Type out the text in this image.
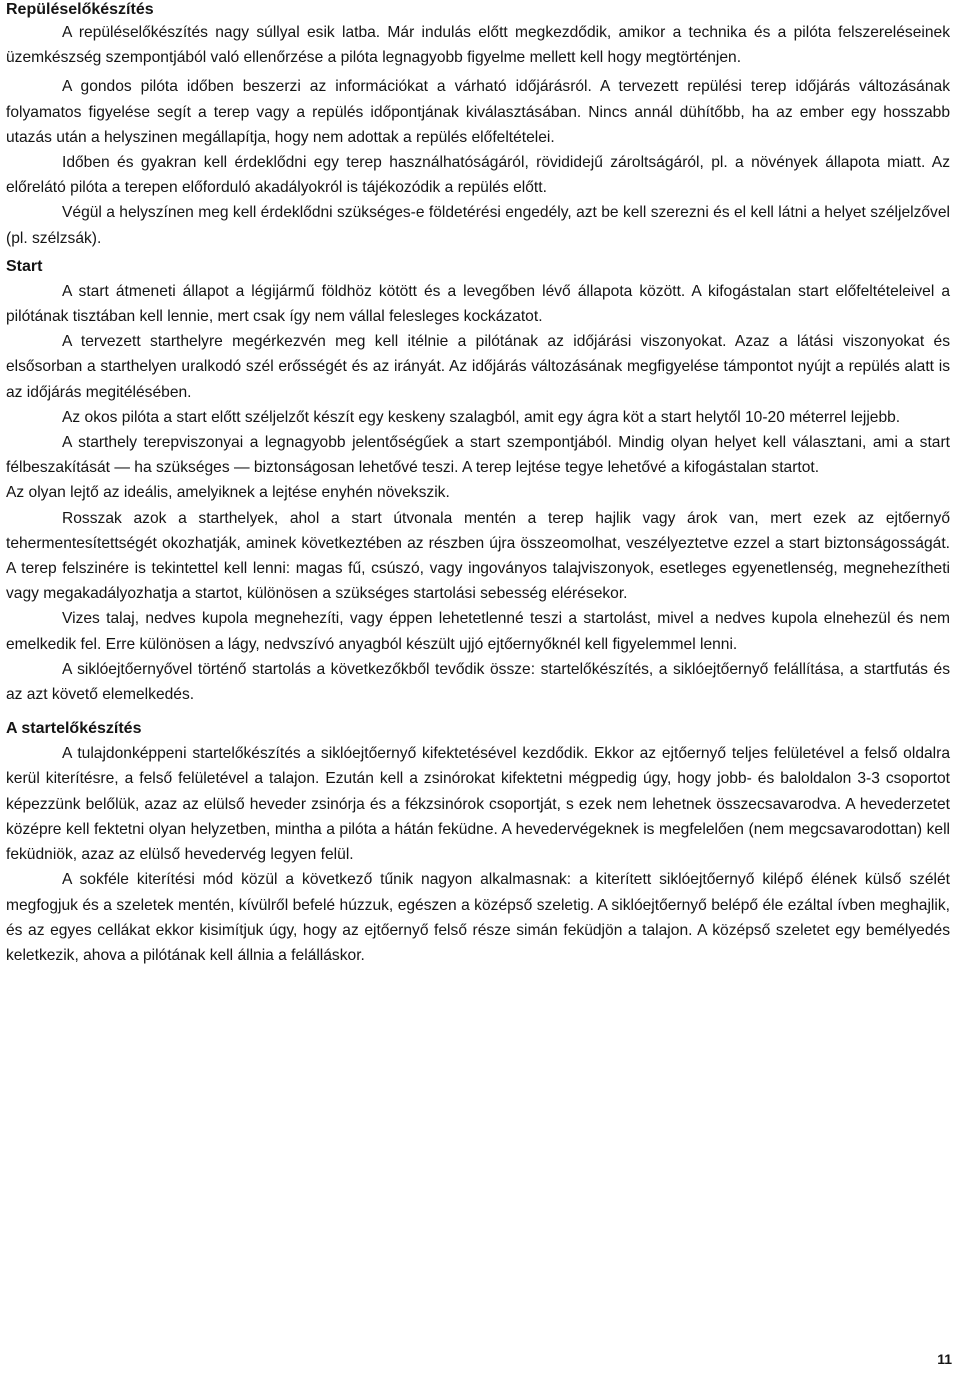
Repüléselőkészítés

A repüléselőkészítés nagy súllyal esik latba. Már indulás előtt megkezdődik, amikor a technika és a pilóta felszereléseinek üzemkészség szempontjából való ellenőrzése a pilóta legnagyobb figyelme mellett kell hogy megtörténjen.

A gondos pilóta időben beszerzi az információkat a várható időjárásról. A tervezett repülési terep időjárás változásának folyamatos figyelése segít a terep vagy a repülés időpontjának kiválasztásában. Nincs annál dühítőbb, ha az ember egy hosszabb utazás után a helyszinen megállapítja, hogy nem adottak a repülés előfeltételei.

Időben és gyakran kell érdeklődni egy terep használhatóságáról, rövididejű zároltságáról, pl. a növények állapota miatt. Az előrelátó pilóta a terepen előforduló akadályokról is tájékozódik a repülés előtt.

Végül a helyszínen meg kell érdeklődni szükséges-e földetérési engedély, azt be kell szerezni és el kell látni a helyet széljelzővel (pl. szélzsák).

Start

A start átmeneti állapot a légijármű földhöz kötött és a levegőben lévő állapota között. A kifogástalan start előfeltételeivel a pilótának tisztában kell lennie, mert csak így nem vállal felesleges kockázatot.

A tervezett starthelyre megérkezvén meg kell itélnie a pilótának az időjárási viszonyokat. Azaz a látási viszonyokat és elsősorban a starthelyen uralkodó szél erősségét és az irányát. Az időjárás változásának megfigyelése támpontot nyújt a repülés alatt is az időjárás megitélésében.

Az okos pilóta a start előtt széljelzőt készít egy keskeny szalagból, amit egy ágra köt a start helytől 10-20 méterrel lejjebb.

A starthely terepviszonyai a legnagyobb jelentőségűek a start szempontjából. Mindig olyan helyet kell választani, ami a start félbeszakítását — ha szükséges — biztonságosan lehetővé teszi. A terep lejtése tegye lehetővé a kifogástalan startot.

Az olyan lejtő az ideális, amelyiknek a lejtése enyhén növekszik.

Rosszak azok a starthelyek, ahol a start útvonala mentén a terep hajlik vagy árok van, mert ezek az ejtőernyő tehermentesítettségét okozhatják, aminek következtében az részben újra összeomolhat, veszélyeztetve ezzel a start biztonságosságát. A terep felszinére is tekintettel kell lenni: magas fű, csúszó, vagy ingoványos talajviszonyok, esetleges egyenetlenség, megnehezítheti vagy megakadályozhatja a startot, különösen a szükséges startolási sebesség elérésekor.

Vizes talaj, nedves kupola megnehezíti, vagy éppen lehetetlenné teszi a startolást, mivel a nedves kupola elnehezül és nem emelkedik fel. Erre különösen a lágy, nedvszívó anyagból készült ujjó ejtőernyőknél kell figyelemmel lenni.

A siklóejtőernyővel történő startolás a következőkből tevődik össze: startelőkészítés, a siklóejtőernyő felállítása, a startfutás és az azt követő elemelkedés.

A startelőkészítés

A tulajdonképpeni startelőkészítés a siklóejtőernyő kifektetésével kezdődik. Ekkor az ejtőernyő teljes felületével a felső oldalra kerül kiterítésre, a felső felületével a talajon. Ezután kell a zsinórokat kifektetni mégpedig úgy, hogy jobb- és baloldalon 3-3 csoportot képezzünk belőlük, azaz az elülső heveder zsinórja és a fékzsinórok csoportját, s ezek nem lehetnek összecsavarodva. A hevederzetet középre kell fektetni olyan helyzetben, mintha a pilóta a hátán feküdne. A hevedervégeknek is megfelelően (nem megcsavarodottan) kell feküdniök, azaz az elülső hevedervég legyen felül.

A sokféle kiterítési mód közül a következő tűnik nagyon alkalmasnak: a kiterített siklóejtőernyő kilépő élének külső szélét megfogjuk és a szeletek mentén, kívülről befelé húzzuk, egészen a középső szeletig. A siklóejtőernyő belépő éle ezáltal ívben meghajlik, és az egyes cellákat ekkor kisimítjuk úgy, hogy az ejtőernyő felső része simán feküdjön a talajon. A középső szeletet egy bemélyedés keletkezik, ahova a pilótának kell állnia a felálláskor.

11
